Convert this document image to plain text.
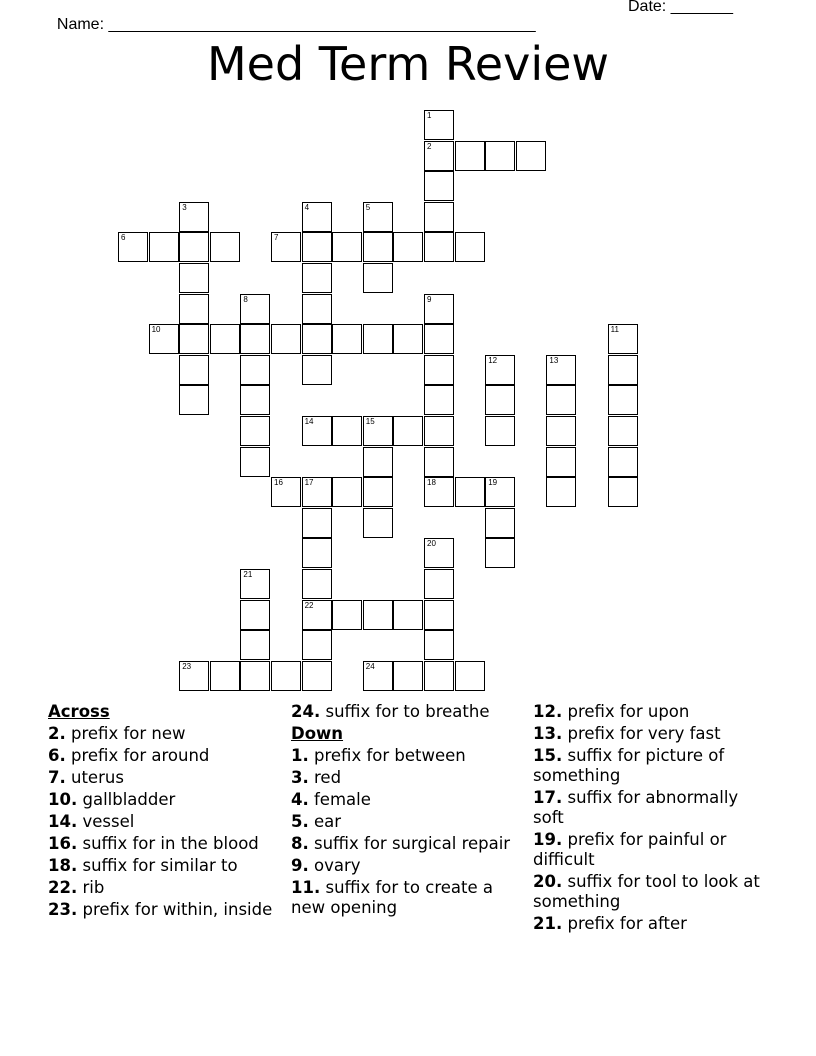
Name: ________________________________________________

Date: _______

Med Term Review
1
2
3	4	5
6	7
8	9
10	11
12	13
14	15
16	17	18	19
20
21
22
23	24
Across
2. prefix for new
6. prefix for around
7. uterus
10. gallbladder
14. vessel
16. suffix for in the blood
18. suffix for similar to
22. rib
23. prefix for within, inside
24. suffix for to breathe
Down
1. prefix for between
3. red
4. female
5. ear
8. suffix for surgical repair
9. ovary
11. suffix for to create a new opening
12. prefix for upon
13. prefix for very fast
15. suffix for picture of something
17. suffix for abnormally soft
19. prefix for painful or difficult
20. suffix for tool to look at something
21. prefix for after
